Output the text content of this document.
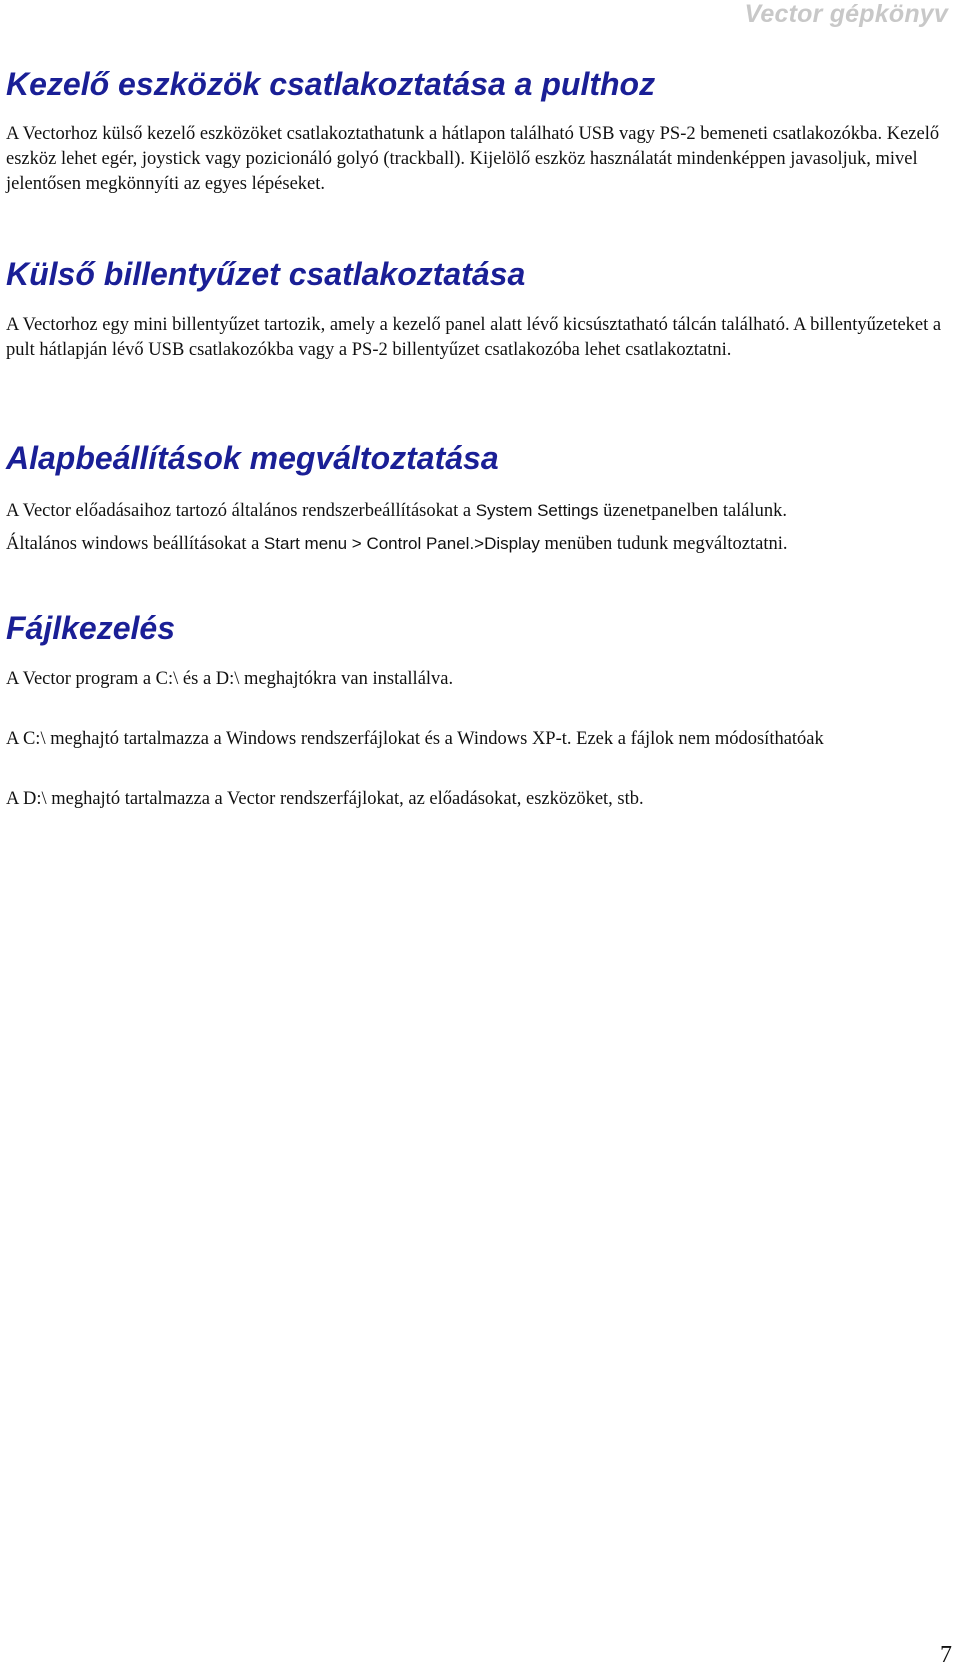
Vector gépkönyv
Kezelő eszközök csatlakoztatása a pulthoz

A Vectorhoz külső kezelő eszközöket csatlakoztathatunk a hátlapon található USB vagy PS-2 bemeneti csatlakozókba. Kezelő eszköz lehet egér, joystick vagy pozicionáló golyó (trackball). Kijelölő eszköz használatát mindenképpen javasoljuk, mivel jelentősen megkönnyíti az egyes lépéseket.

Külső billentyűzet csatlakoztatása

A Vectorhoz egy mini billentyűzet tartozik, amely a kezelő panel alatt lévő kicsúsztatható tálcán található. A billentyűzeteket a pult hátlapján lévő USB csatlakozókba vagy a PS-2 billentyűzet csatlakozóba lehet csatlakoztatni.

Alapbeállítások megváltoztatása

A Vector előadásaihoz tartozó általános rendszerbeállításokat a System Settings üzenetpanelben találunk.

Általános windows beállításokat a Start menu > Control Panel.>Display menüben tudunk megváltoztatni.

Fájlkezelés

A Vector program a C:\ és a D:\ meghajtókra van installálva.

A C:\ meghajtó tartalmazza a Windows rendszerfájlokat és a Windows XP-t. Ezek a fájlok nem módosíthatóak

A D:\ meghajtó tartalmazza a Vector rendszerfájlokat, az előadásokat, eszközöket, stb.

7
